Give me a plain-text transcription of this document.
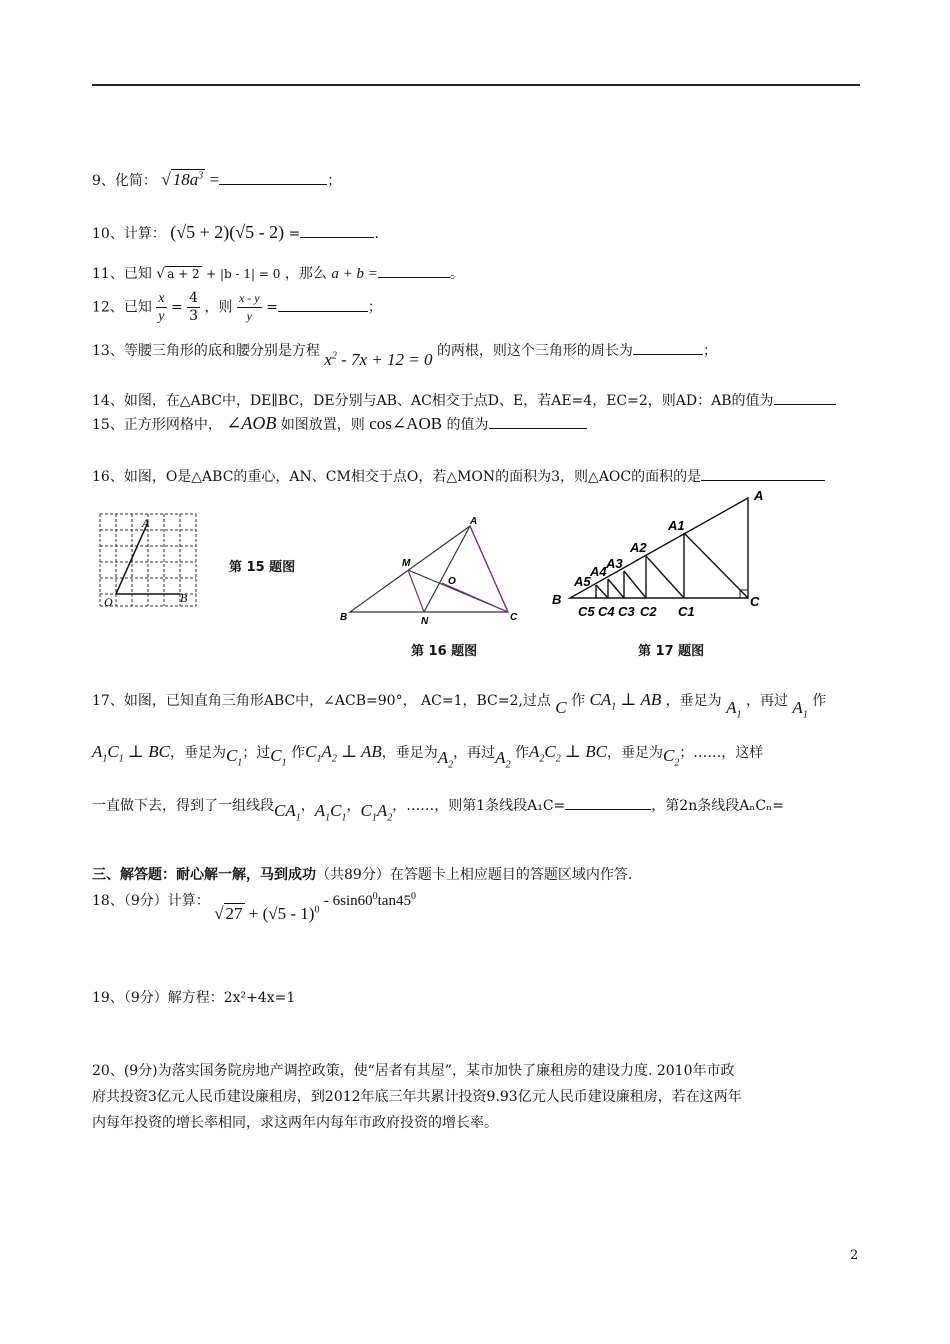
9、化简： √ $18a^3$ =	；
10、计算： (√5 + 2)(√5 - 2) =	.
11、已知 √ a + 2 + |b - 1| = 0 ，那么 a + b =	。
12、已知 $\frac{x}{y} = \frac{4}{3}$ ，则 $\frac{x - y}{y}$ =	；
13、等腰三角形的底和腰分别是方程 $x^2 - 7x + 12 = 0$ 的两根，则这个三角形的周长为	；
14、如图，在△ABC中，DE∥BC，DE分别与AB、AC相交于点D、E，若AE=4，EC=2，则AD：AB的值为
15、正方形网格中， ∠AOB 如图放置，则 cos∠AOB 的值为
16、如图，O是△ABC的重心，AN、CM相交于点O，若△MON的面积为3，则△AOC的面积的是
A
O	B
第 15 题图
A
M
O
B	N	C
第 16 题图
A
A1
A2
A3
A4
A5
B
C5 C4 C3 C2 C1
C
第 17 题图
17、如图，已知直角三角形ABC中，∠ACB=90°， AC=1，BC=2,过点 C 作 $CA_1$ ⊥ AB ，垂足为 $A_1$ ，再过 $A_1$ 作
$A_1C_1$ ⊥ BC，垂足为$C_1$；过$C_1$ 作$C_1A_2$ ⊥ AB，垂足为$A_2$，再过$A_2$ 作$A_2C_2$ ⊥ BC，垂足为$C_2$；……，这样
一直做下去，得到了一组线段$CA_1$，$A_1C_1$，$C_1A_2$，……，则第1条线段A₁C=	，第2n条线段AₙCₙ=
三、解答题：耐心解一解，马到成功（共89分）在答题卡上相应题目的答题区域内作答.
18、（9分）计算： √ $27 + (√5 - 1)^0 - 6\sin 60^0\tan 45^0$
19、（9分）解方程：2x²+4x=1
20、(9分)为落实国务院房地产调控政策，使“居者有其屋”，某市加快了廉租房的建设力度. 2010年市政
府共投资3亿元人民币建设廉租房，到2012年底三年共累计投资9.93亿元人民币建设廉租房，若在这两年
内每年投资的增长率相同，求这两年内每年市政府投资的增长率。
2
